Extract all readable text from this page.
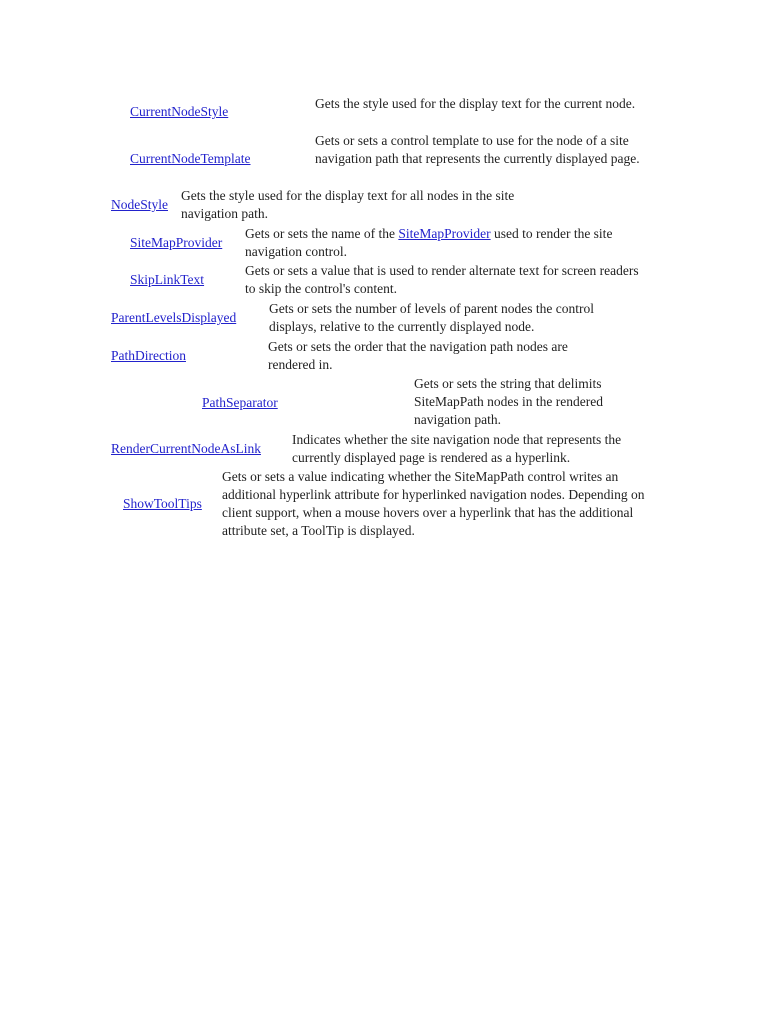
CurrentNodeStyle
Gets the style used for the display text for the current node.
CurrentNodeTemplate
Gets or sets a control template to use for the node of a site navigation path that represents the currently displayed page.
NodeStyle
Gets the style used for the display text for all nodes in the site navigation path.
SiteMapProvider
Gets or sets the name of the SiteMapProvider used to render the site navigation control.
SkipLinkText
Gets or sets a value that is used to render alternate text for screen readers to skip the control's content.
ParentLevelsDisplayed
Gets or sets the number of levels of parent nodes the control displays, relative to the currently displayed node.
PathDirection
Gets or sets the order that the navigation path nodes are rendered in.
PathSeparator
Gets or sets the string that delimits SiteMapPath nodes in the rendered navigation path.
RenderCurrentNodeAsLink
Indicates whether the site navigation node that represents the currently displayed page is rendered as a hyperlink.
ShowToolTips
Gets or sets a value indicating whether the SiteMapPath control writes an additional hyperlink attribute for hyperlinked navigation nodes. Depending on client support, when a mouse hovers over a hyperlink that has the additional attribute set, a ToolTip is displayed.
